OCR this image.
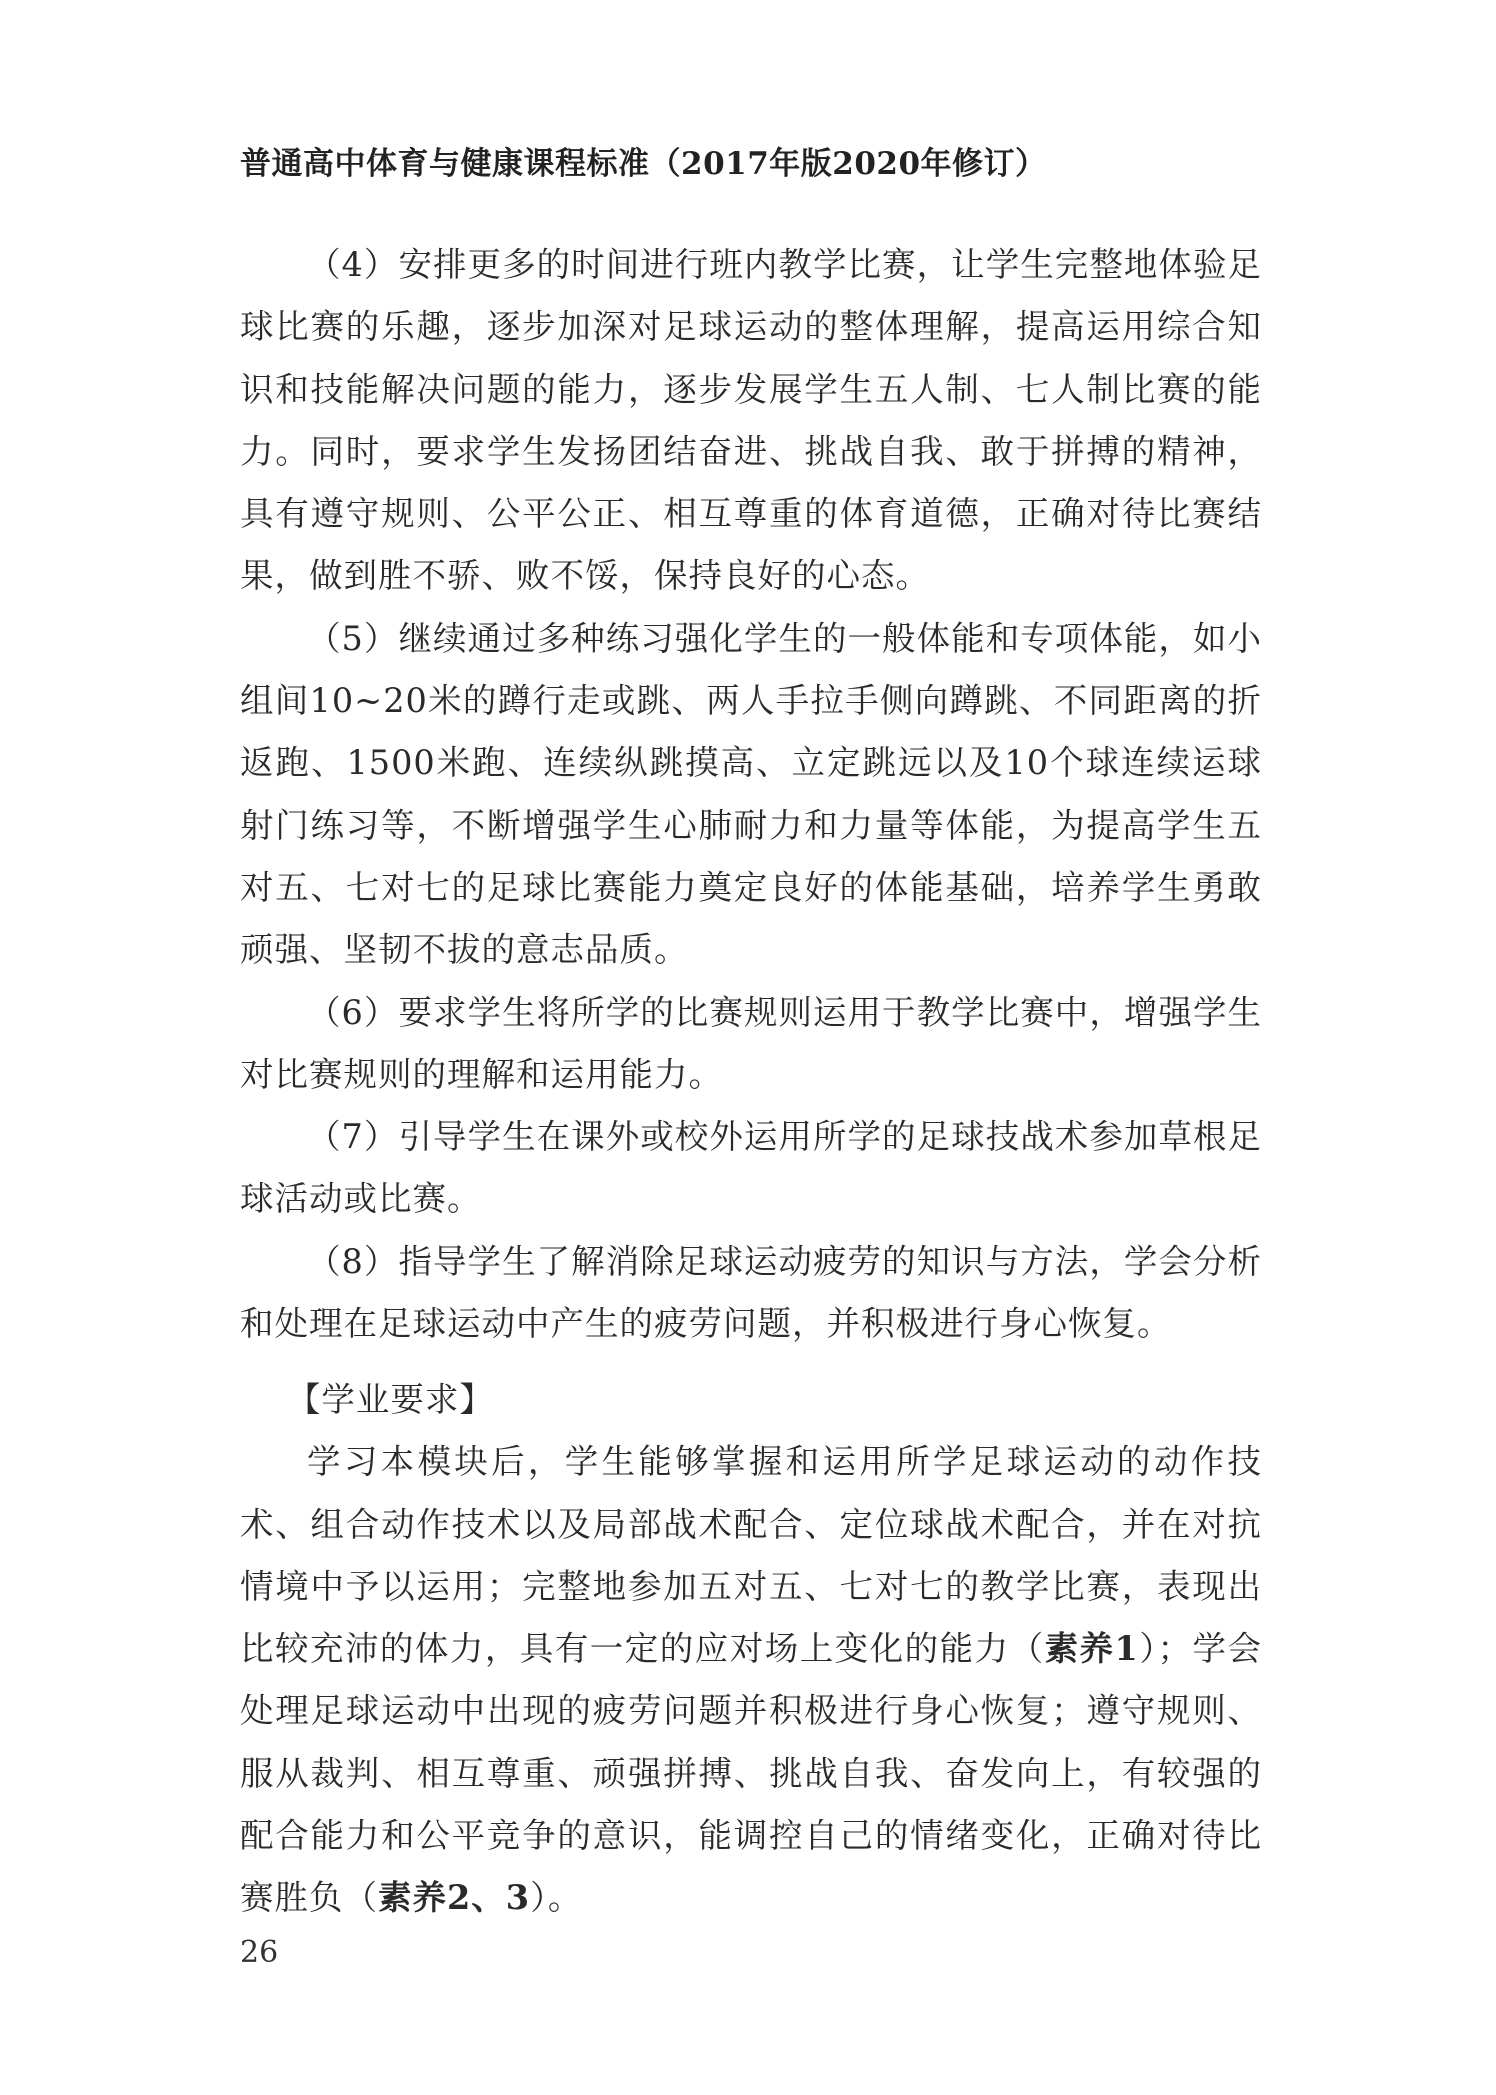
普通高中体育与健康课程标准（2017年版2020年修订）

（4）安排更多的时间进行班内教学比赛，让学生完整地体验足球比赛的乐趣，逐步加深对足球运动的整体理解，提高运用综合知识和技能解决问题的能力，逐步发展学生五人制、七人制比赛的能力。同时，要求学生发扬团结奋进、挑战自我、敢于拼搏的精神，具有遵守规则、公平公正、相互尊重的体育道德，正确对待比赛结果，做到胜不骄、败不馁，保持良好的心态。

（5）继续通过多种练习强化学生的一般体能和专项体能，如小组间10~20米的蹲行走或跳、两人手拉手侧向蹲跳、不同距离的折返跑、1500米跑、连续纵跳摸高、立定跳远以及10个球连续运球射门练习等，不断增强学生心肺耐力和力量等体能，为提高学生五对五、七对七的足球比赛能力奠定良好的体能基础，培养学生勇敢顽强、坚韧不拔的意志品质。

（6）要求学生将所学的比赛规则运用于教学比赛中，增强学生对比赛规则的理解和运用能力。

（7）引导学生在课外或校外运用所学的足球技战术参加草根足球活动或比赛。

（8）指导学生了解消除足球运动疲劳的知识与方法，学会分析和处理在足球运动中产生的疲劳问题，并积极进行身心恢复。

【学业要求】

学习本模块后，学生能够掌握和运用所学足球运动的动作技术、组合动作技术以及局部战术配合、定位球战术配合，并在对抗情境中予以运用；完整地参加五对五、七对七的教学比赛，表现出比较充沛的体力，具有一定的应对场上变化的能力（素养1）；学会处理足球运动中出现的疲劳问题并积极进行身心恢复；遵守规则、服从裁判、相互尊重、顽强拼搏、挑战自我、奋发向上，有较强的配合能力和公平竞争的意识，能调控自己的情绪变化，正确对待比赛胜负（素养2、3）。

26
